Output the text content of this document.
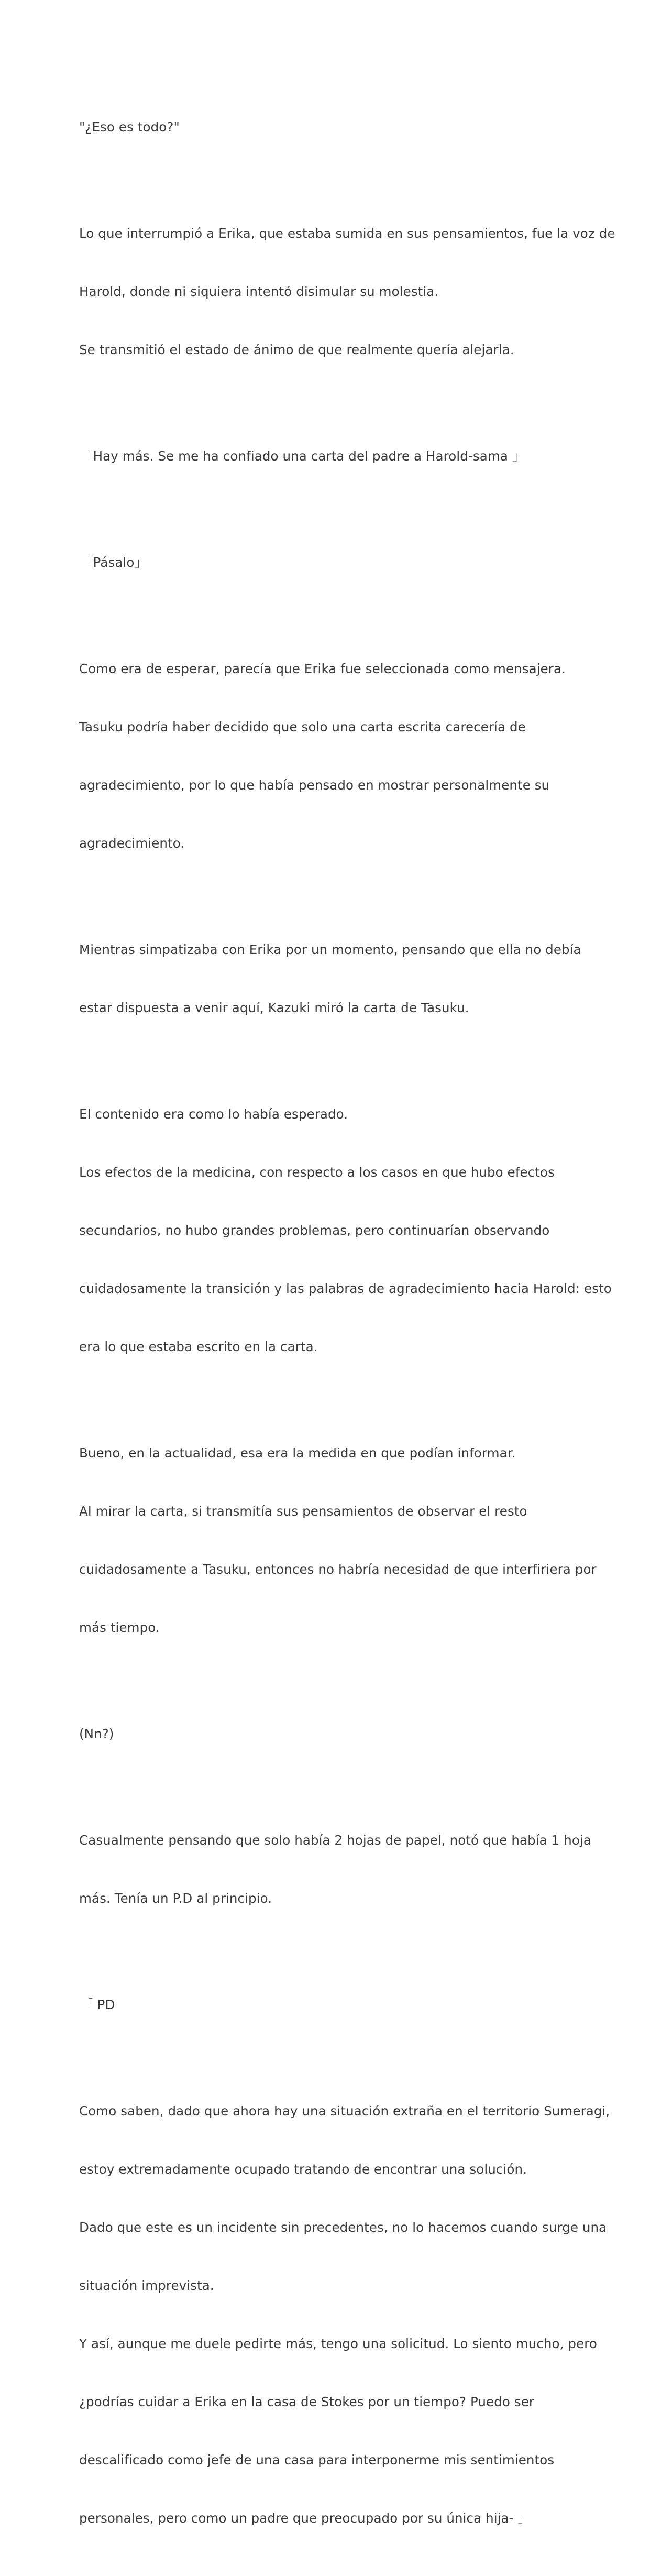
"¿Eso es todo?"

Lo que interrumpió a Erika, que estaba sumida en sus pensamientos, fue la voz de

Harold, donde ni siquiera intentó disimular su molestia.

Se transmitió el estado de ánimo de que realmente quería alejarla.

「Hay más. Se me ha confiado una carta del padre a Harold-sama 」

「Pásalo」

Como era de esperar, parecía que Erika fue seleccionada como mensajera.

Tasuku podría haber decidido que solo una carta escrita carecería de

agradecimiento, por lo que había pensado en mostrar personalmente su

agradecimiento.

Mientras simpatizaba con Erika por un momento, pensando que ella no debía

estar dispuesta a venir aquí, Kazuki miró la carta de Tasuku.

El contenido era como lo había esperado.

Los efectos de la medicina, con respecto a los casos en que hubo efectos

secundarios, no hubo grandes problemas, pero continuarían observando

cuidadosamente la transición y las palabras de agradecimiento hacia Harold: esto

era lo que estaba escrito en la carta.

Bueno, en la actualidad, esa era la medida en que podían informar.

Al mirar la carta, si transmitía sus pensamientos de observar el resto

cuidadosamente a Tasuku, entonces no habría necesidad de que interfiriera por

más tiempo.

(Nn?)

Casualmente pensando que solo había 2 hojas de papel, notó que había 1 hoja

más. Tenía un P.D al principio.

「 PD

Como saben, dado que ahora hay una situación extraña en el territorio Sumeragi,

estoy extremadamente ocupado tratando de encontrar una solución.

Dado que este es un incidente sin precedentes, no lo hacemos cuando surge una

situación imprevista.

Y así, aunque me duele pedirte más, tengo una solicitud. Lo siento mucho, pero

¿podrías cuidar a Erika en la casa de Stokes por un tiempo? Puedo ser

descalificado como jefe de una casa para interponerme mis sentimientos

personales, pero como un padre que preocupado por su única hija- 」
